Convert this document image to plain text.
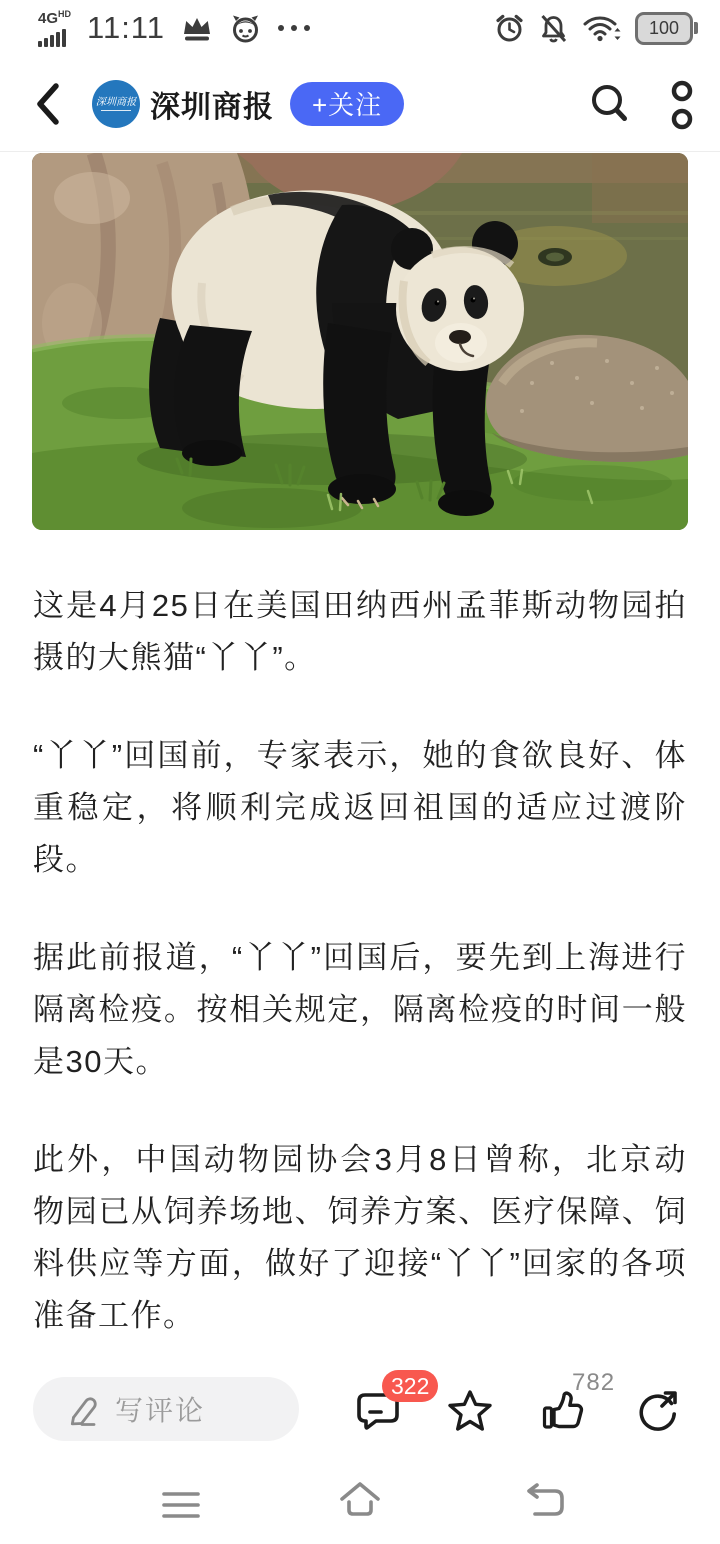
$4G^{HD}$ 11:11	100
深圳商报 深圳商报	+关注

这是4月25日在美国田纳西州孟菲斯动物园拍摄的大熊猫“丫丫”。

“丫丫”回国前，专家表示，她的食欲良好、体重稳定，将顺利完成返回祖国的适应过渡阶段。

据此前报道，“丫丫”回国后，要先到上海进行隔离检疫。按相关规定，隔离检疫的时间一般是30天。

此外，中国动物园协会3月8日曾称，北京动物园已从饲养场地、饲养方案、医疗保障、饲料供应等方面，做好了迎接“丫丫”回家的各项准备工作。

写评论
322	782
